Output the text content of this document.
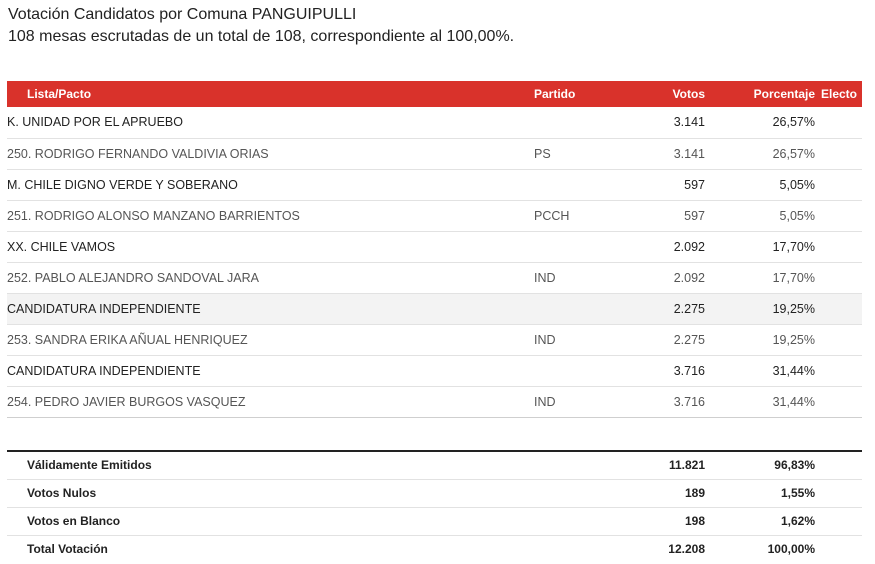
Votación Candidatos por Comuna PANGUIPULLI
108 mesas escrutadas de un total de 108, correspondiente al 100,00%.
Lista/Pacto	Partido	Votos	Porcentaje	Electo
K. UNIDAD POR EL APRUEBO		3.141	26,57%	
250. RODRIGO FERNANDO VALDIVIA ORIAS	PS	3.141	26,57%	
M. CHILE DIGNO VERDE Y SOBERANO		597	5,05%	
251. RODRIGO ALONSO MANZANO BARRIENTOS	PCCH	597	5,05%	
XX. CHILE VAMOS		2.092	17,70%	
252. PABLO ALEJANDRO SANDOVAL JARA	IND	2.092	17,70%	
CANDIDATURA INDEPENDIENTE		2.275	19,25%	
253. SANDRA ERIKA AÑUAL HENRIQUEZ	IND	2.275	19,25%	
CANDIDATURA INDEPENDIENTE		3.716	31,44%	
254. PEDRO JAVIER BURGOS VASQUEZ	IND	3.716	31,44%	
Válidamente Emitidos	11.821	96,83%	
Votos Nulos	189	1,55%	
Votos en Blanco	198	1,62%	
Total Votación	12.208	100,00%	
